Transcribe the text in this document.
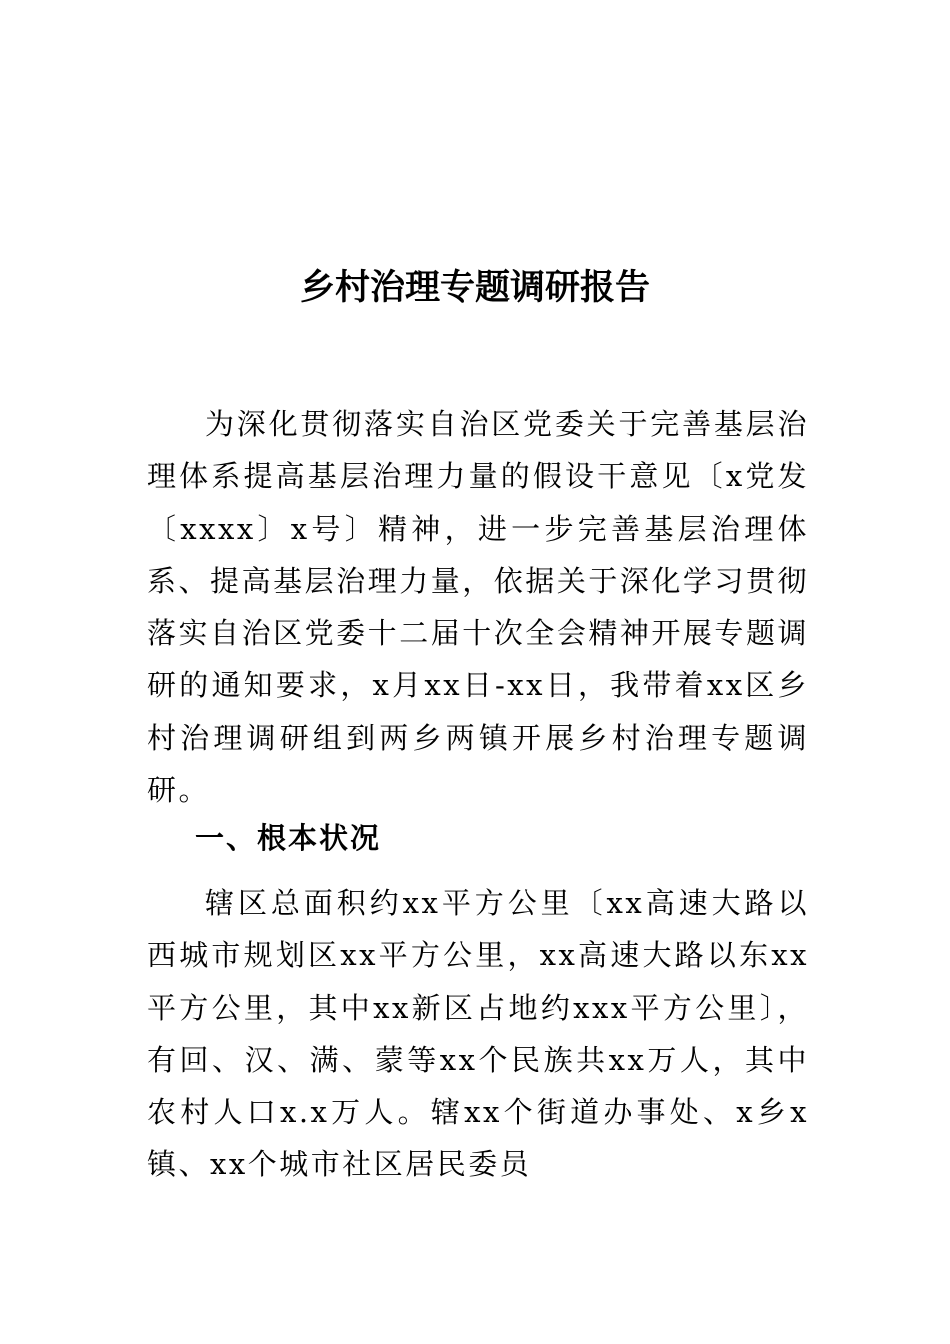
乡村治理专题调研报告

为深化贯彻落实自治区党委关于完善基层治理体系提高基层治理力量的假设干意见〔x党发〔xxxx〕x号〕精神，进一步完善基层治理体系、提高基层治理力量，依据关于深化学习贯彻落实自治区党委十二届十次全会精神开展专题调研的通知要求，x月xx日-xx日，我带着xx区乡村治理调研组到两乡两镇开展乡村治理专题调研。

一、根本状况

辖区总面积约xx平方公里〔xx高速大路以西城市规划区xx平方公里，xx高速大路以东xx平方公里，其中xx新区占地约xxx平方公里〕，有回、汉、满、蒙等xx个民族共xx万人，其中农村人口x.x万人。辖xx个街道办事处、x乡x镇、xx个城市社区居民委员
